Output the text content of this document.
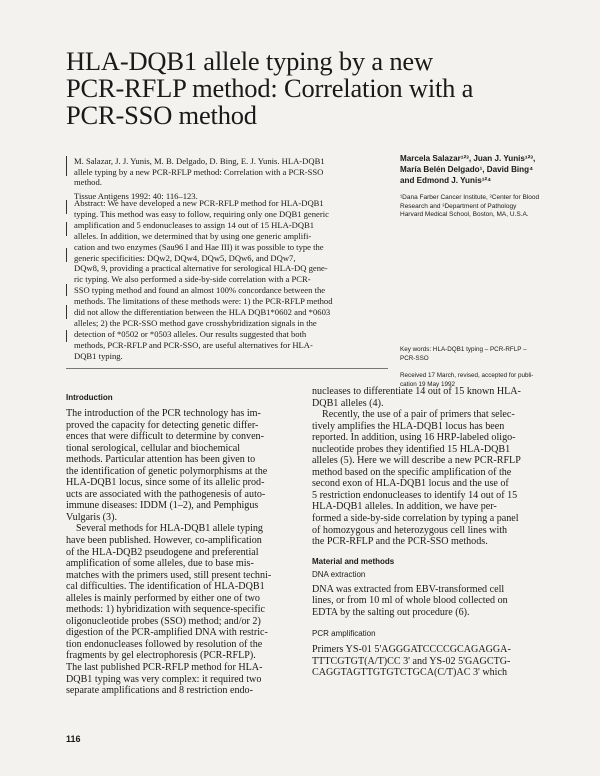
HLA-DQB1 allele typing by a new
PCR-RFLP method: Correlation with a
PCR-SSO method
M. Salazar, J. J. Yunis, M. B. Delgado, D. Bing, E. J. Yunis. HLA-DQB1
allele typing by a new PCR-RFLP method: Correlation with a PCR-SSO
method.
Tissue Antigens 1992: 40: 116–123.
Abstract: We have developed a new PCR-RFLP method for HLA-DQB1
typing. This method was easy to follow, requiring only one DQB1 generic
amplification and 5 endonucleases to assign 14 out of 15 HLA-DQB1
alleles. In addition, we determined that by using one generic amplifi-
cation and two enzymes (Sau96 I and Hae III) it was possible to type the
generic specificities: DQw2, DQw4, DQw5, DQw6, and DQw7,
DQw8, 9, providing a practical alternative for serological HLA-DQ gene-
ric typing. We also performed a side-by-side correlation with a PCR-
SSO typing method and found an almost 100% concordance between the
methods. The limitations of these methods were: 1) the PCR-RFLP method
did not allow the differentiation between the HLA DQB1*0602 and *0603
alleles; 2) the PCR-SSO method gave crosshybridization signals in the
detection of *0502 or *0503 alleles. Our results suggested that both
methods, PCR-RFLP and PCR-SSO, are useful alternatives for HLA-
DQB1 typing.
Marcela Salazar¹²³, Juan J. Yunis¹²³,
María Belén Delgado¹, David Bing⁴
and Edmond J. Yunis¹²⁴
¹Dana Farber Cancer Institute, ²Center for Blood
Research and ³Department of Pathology
Harvard Medical School, Boston, MA, U.S.A.
Key words: HLA-DQB1 typing – PCR-RFLP –
PCR-SSO
Received 17 March, revised, accepted for publi-
cation 19 May 1992
Introduction
The introduction of the PCR technology has im-
proved the capacity for detecting genetic differ-
ences that were difficult to determine by conven-
tional serological, cellular and biochemical
methods. Particular attention has been given to
the identification of genetic polymorphisms at the
HLA-DQB1 locus, since some of its allelic prod-
ucts are associated with the pathogenesis of auto-
immune diseases: IDDM (1–2), and Pemphigus
Vulgaris (3).
Several methods for HLA-DQB1 allele typing
have been published. However, co-amplification
of the HLA-DQB2 pseudogene and preferential
amplification of some alleles, due to base mis-
matches with the primers used, still present techni-
cal difficulties. The identification of HLA-DQB1
alleles is mainly performed by either one of two
methods: 1) hybridization with sequence-specific
oligonucleotide probes (SSO) method; and/or 2)
digestion of the PCR-amplified DNA with restric-
tion endonucleases followed by resolution of the
fragments by gel electrophoresis (PCR-RFLP).
The last published PCR-RFLP method for HLA-
DQB1 typing was very complex: it required two
separate amplifications and 8 restriction endo-
nucleases to differentiate 14 out of 15 known HLA-
DQB1 alleles (4).
Recently, the use of a pair of primers that selec-
tively amplifies the HLA-DQB1 locus has been
reported. In addition, using 16 HRP-labeled oligo-
nucleotide probes they identified 15 HLA-DQB1
alleles (5). Here we will describe a new PCR-RFLP
method based on the specific amplification of the
second exon of HLA-DQB1 locus and the use of
5 restriction endonucleases to identify 14 out of 15
HLA-DQB1 alleles. In addition, we have per-
formed a side-by-side correlation by typing a panel
of homozygous and heterozygous cell lines with
the PCR-RFLP and the PCR-SSO methods.
Material and methods
DNA extraction
DNA was extracted from EBV-transformed cell
lines, or from 10 ml of whole blood collected on
EDTA by the salting out procedure (6).
PCR amplification
Primers YS-01 5'AGGGATCCCCGCAGAGGA-
TTTCGTGT(A/T)CC 3' and YS-02 5'GAGCTG-
CAGGTAGTTGTGTCTGCA(C/T)AC 3' which
116
